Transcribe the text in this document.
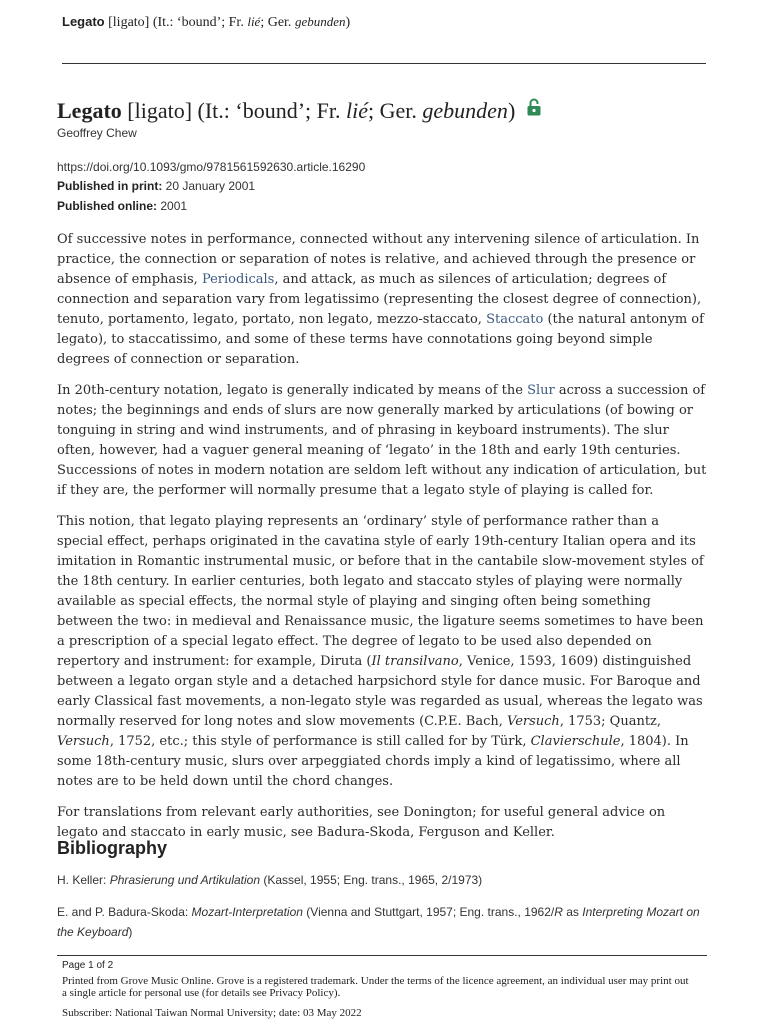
Legato [ligato] (It.: ‘bound’; Fr. lié; Ger. gebunden)
Legato [ligato] (It.: ‘bound’; Fr. lié; Ger. gebunden)
Geoffrey Chew
https://doi.org/10.1093/gmo/9781561592630.article.16290
Published in print: 20 January 2001
Published online: 2001

Of successive notes in performance, connected without any intervening silence of articulation. In practice, the connection or separation of notes is relative, and achieved through the presence or absence of emphasis, Periodicals, and attack, as much as silences of articulation; degrees of connection and separation vary from legatissimo (representing the closest degree of connection), tenuto, portamento, legato, portato, non legato, mezzo-staccato, Staccato (the natural antonym of legato), to staccatissimo, and some of these terms have connotations going beyond simple degrees of connection or separation.

In 20th-century notation, legato is generally indicated by means of the Slur across a succession of notes; the beginnings and ends of slurs are now generally marked by articulations (of bowing or tonguing in string and wind instruments, and of phrasing in keyboard instruments). The slur often, however, had a vaguer general meaning of ‘legato’ in the 18th and early 19th centuries. Successions of notes in modern notation are seldom left without any indication of articulation, but if they are, the performer will normally presume that a legato style of playing is called for.

This notion, that legato playing represents an ‘ordinary’ style of performance rather than a special effect, perhaps originated in the cavatina style of early 19th-century Italian opera and its imitation in Romantic instrumental music, or before that in the cantabile slow-movement styles of the 18th century. In earlier centuries, both legato and staccato styles of playing were normally available as special effects, the normal style of playing and singing often being something between the two: in medieval and Renaissance music, the ligature seems sometimes to have been a prescription of a special legato effect. The degree of legato to be used also depended on repertory and instrument: for example, Diruta (Il transilvano, Venice, 1593, 1609) distinguished between a legato organ style and a detached harpsichord style for dance music. For Baroque and early Classical fast movements, a non-legato style was regarded as usual, whereas the legato was normally reserved for long notes and slow movements (C.P.E. Bach, Versuch, 1753; Quantz, Versuch, 1752, etc.; this style of performance is still called for by Türk, Clavierschule, 1804). In some 18th-century music, slurs over arpeggiated chords imply a kind of legatissimo, where all notes are to be held down until the chord changes.

For translations from relevant early authorities, see Donington; for useful general advice on legato and staccato in early music, see Badura-Skoda, Ferguson and Keller.

Bibliography
H. Keller: Phrasierung und Artikulation (Kassel, 1955; Eng. trans., 1965, 2/1973)
E. and P. Badura-Skoda: Mozart-Interpretation (Vienna and Stuttgart, 1957; Eng. trans., 1962/R as Interpreting Mozart on the Keyboard)
Page 1 of 2
Printed from Grove Music Online. Grove is a registered trademark. Under the terms of the licence agreement, an individual user may print out a single article for personal use (for details see Privacy Policy).
Subscriber: National Taiwan Normal University; date: 03 May 2022
